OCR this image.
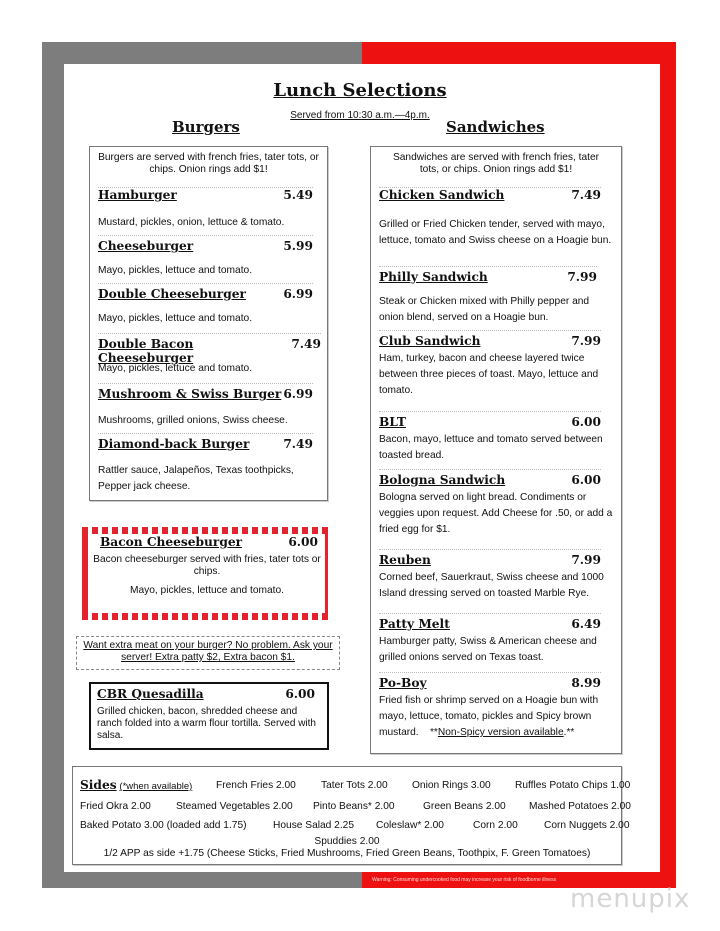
Warning: Consuming undercooked food may increase your risk of foodborne illness
menupix
Lunch Selections
Served from 10:30 a.m.—4p.m.
Burgers	Sandwiches
Burgers are served with french fries, tater tots, or chips. Onion rings add $1!
Hamburger	5.49
Mustard, pickles, onion, lettuce & tomato.
Cheeseburger	5.99
Mayo, pickles, lettuce and tomato.
Double Cheeseburger	6.99
Mayo, pickles, lettuce and tomato.
Double Bacon Cheeseburger
7.49
Mayo, pickles, lettuce and tomato.
Mushroom & Swiss Burger 6.99
Mushrooms, grilled onions, Swiss cheese.
Diamond-back Burger	7.49
Rattler sauce, Jalapeños, Texas toothpicks, Pepper jack cheese.
Bacon Cheeseburger	6.00
Bacon cheeseburger served with fries, tater tots or chips.
Mayo, pickles, lettuce and tomato.
Want extra meat on your burger? No problem. Ask your server! Extra patty $2, Extra bacon $1.
CBR Quesadilla	6.00
Grilled chicken, bacon, shredded cheese and ranch folded into a warm flour tortilla. Served with salsa.
Sandwiches are served with french fries, tater tots, or chips. Onion rings add $1!
Chicken Sandwich	7.49
Grilled or Fried Chicken tender, served with mayo, lettuce, tomato and Swiss cheese on a Hoagie bun.
Philly Sandwich	7.99
Steak or Chicken mixed with Philly pepper and onion blend, served on a Hoagie bun.
Club Sandwich	7.99
Ham, turkey, bacon and cheese layered twice between three pieces of toast. Mayo, lettuce and tomato.
BLT	6.00
Bacon, mayo, lettuce and tomato served between toasted bread.
Bologna Sandwich	6.00
Bologna served on light bread. Condiments or veggies upon request. Add Cheese for .50, or add a fried egg for $1.
Reuben	7.99
Corned beef, Sauerkraut, Swiss cheese and 1000 Island dressing served on toasted Marble Rye.
Patty Melt	6.49
Hamburger patty, Swiss & American cheese and grilled onions served on Texas toast.
Po-Boy	8.99
Fried fish or shrimp served on a Hoagie bun with mayo, lettuce, tomato, pickles and Spicy brown mustard. **Non-Spicy version available.**
Sides (*when available) French Fries 2.00 Tater Tots 2.00 Onion Rings 3.00 Ruffles Potato Chips 1.00
Fried Okra 2.00 Steamed Vegetables 2.00 Pinto Beans* 2.00	Green Beans 2.00 Mashed Potatoes 2.00
Baked Potato 3.00 (loaded add 1.75)	House Salad 2.25 Coleslaw* 2.00	Corn 2.00	Corn Nuggets 2.00
Spuddies 2.00
1/2 APP as side +1.75 (Cheese Sticks, Fried Mushrooms, Fried Green Beans, Toothpix, F. Green Tomatoes)
